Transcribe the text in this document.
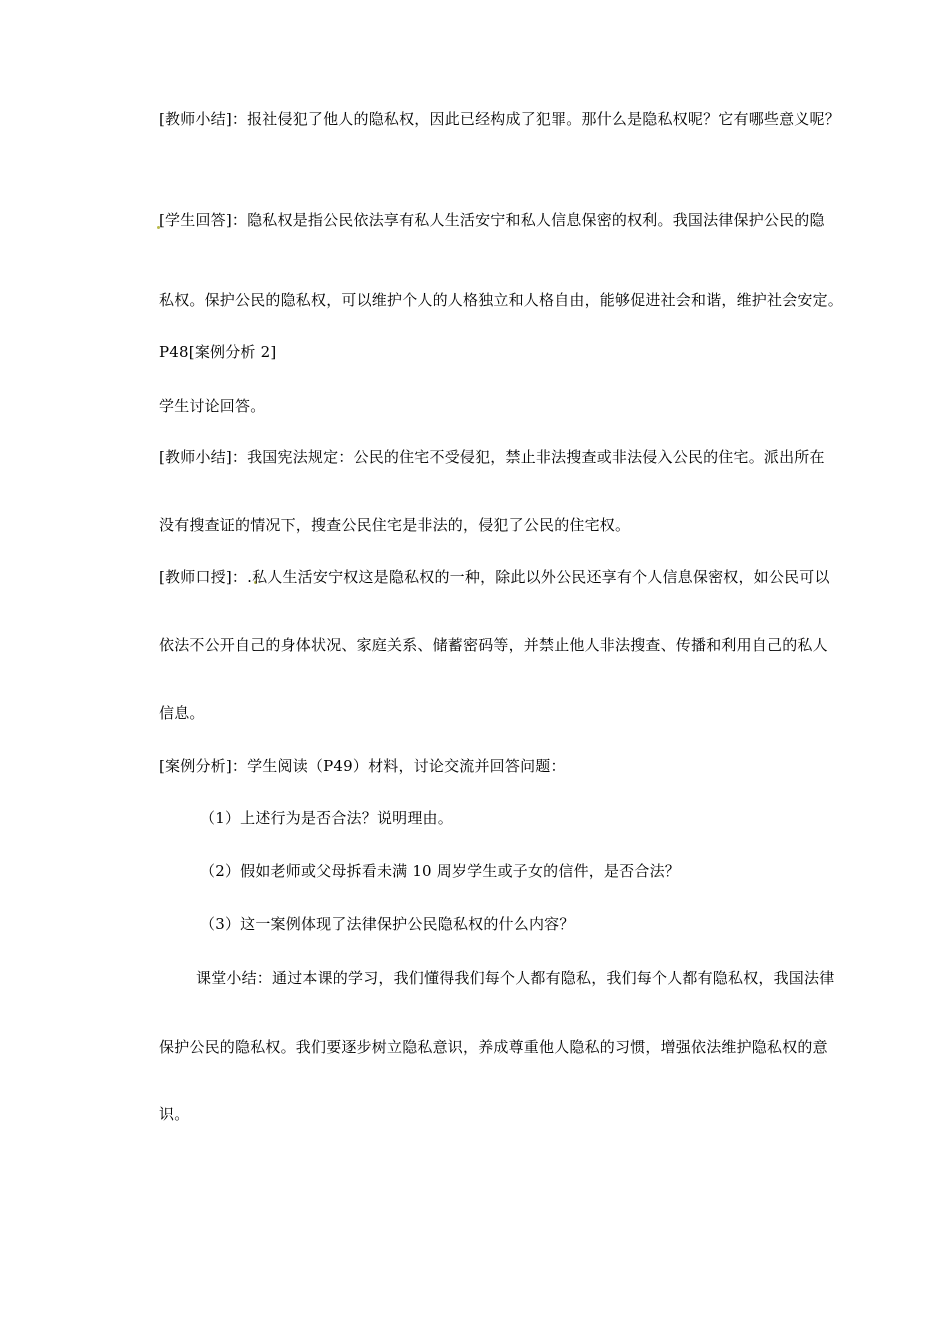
[教师小结]：报社侵犯了他人的隐私权，因此已经构成了犯罪。那什么是隐私权呢？它有哪些意义呢？
[学生回答]：隐私权是指公民依法享有私人生活安宁和私人信息保密的权利。我国法律保护公民的隐
私权。保护公民的隐私权，可以维护个人的人格独立和人格自由，能够促进社会和谐，维护社会安定。
P48[案例分析 2]
学生讨论回答。
[教师小结]：我国宪法规定：公民的住宅不受侵犯，禁止非法搜查或非法侵入公民的住宅。派出所在
没有搜查证的情况下，搜查公民住宅是非法的，侵犯了公民的住宅权。
[教师口授]：.私人生活安宁权这是隐私权的一种，除此以外公民还享有个人信息保密权，如公民可以
依法不公开自己的身体状况、家庭关系、储蓄密码等，并禁止他人非法搜查、传播和利用自己的私人
信息。
[案例分析]：学生阅读（P49）材料，讨论交流并回答问题：
（1）上述行为是否合法？说明理由。
（2）假如老师或父母拆看未满 10 周岁学生或子女的信件，是否合法？
（3）这一案例体现了法律保护公民隐私权的什么内容？
课堂小结：通过本课的学习，我们懂得我们每个人都有隐私，我们每个人都有隐私权，我国法律
保护公民的隐私权。我们要逐步树立隐私意识，养成尊重他人隐私的习惯，增强依法维护隐私权的意
识。
